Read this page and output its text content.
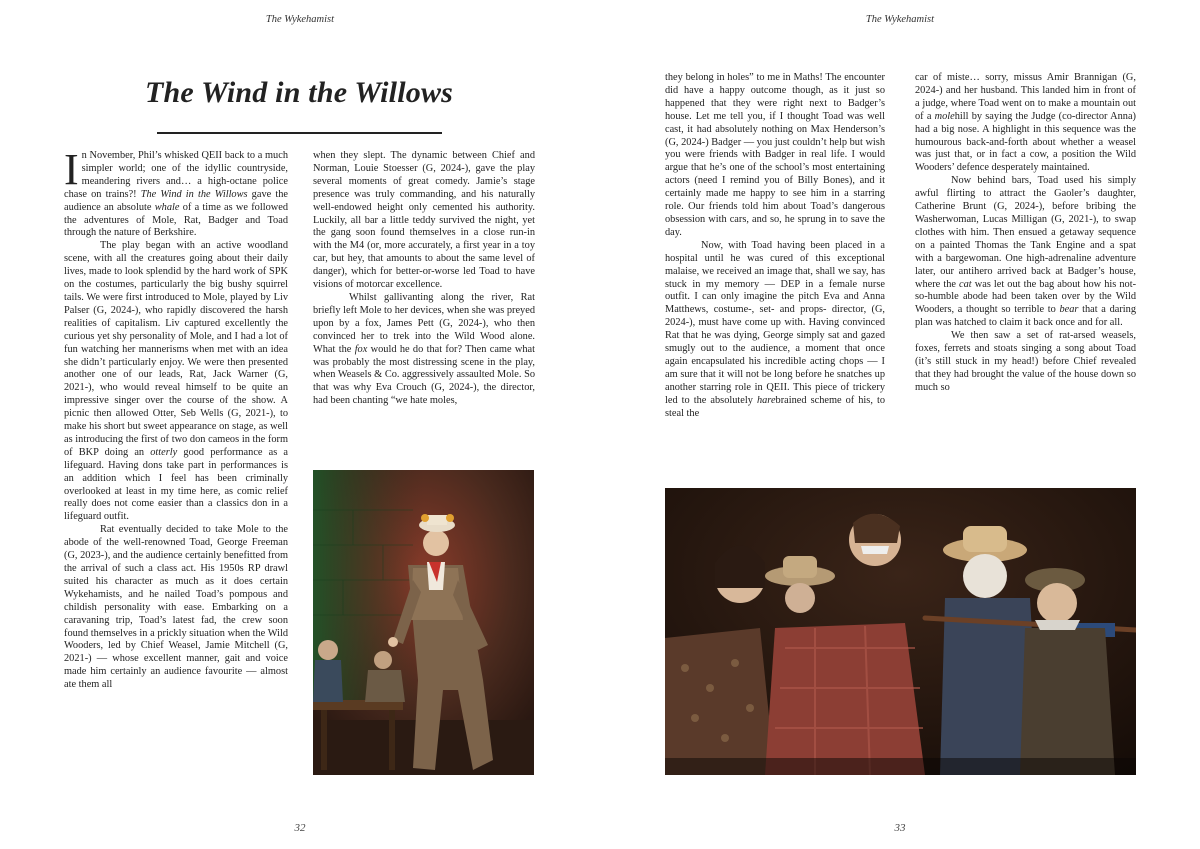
The Wykehamist
The Wind in the Willows

In November, Phil’s whisked QEII back to a much simpler world; one of the idyllic countryside, meandering rivers and… a high-octane police chase on trains?! The Wind in the Willows gave the audience an absolute whale of a time as we followed the adventures of Mole, Rat, Badger and Toad through the nature of Berkshire.

The play began with an active woodland scene, with all the creatures going about their daily lives, made to look splendid by the hard work of SPK on the costumes, particularly the big bushy squirrel tails. We were first introduced to Mole, played by Liv Palser (G, 2024-), who rapidly discovered the harsh realities of capitalism. Liv captured excellently the curious yet shy personality of Mole, and I had a lot of fun watching her mannerisms when met with an idea she didn’t particularly enjoy. We were then presented another one of our leads, Rat, Jack Warner (G, 2021-), who would reveal himself to be quite an impressive singer over the course of the show. A picnic then allowed Otter, Seb Wells (G, 2021-), to make his short but sweet appearance on stage, as well as introducing the first of two don cameos in the form of BKP doing an otterly good performance as a lifeguard. Having dons take part in performances is an addition which I feel has been criminally overlooked at least in my time here, as comic relief really does not come easier than a classics don in a lifeguard outfit.

Rat eventually decided to take Mole to the abode of the well-renowned Toad, George Freeman (G, 2023-), and the audience certainly benefitted from the arrival of such a class act. His 1950s RP drawl suited his character as much as it does certain Wykehamists, and he nailed Toad’s pompous and childish personality with ease. Embarking on a caravaning trip, Toad’s latest fad, the crew soon found themselves in a prickly situation when the Wild Wooders, led by Chief Weasel, Jamie Mitchell (G, 2021-) — whose excellent manner, gait and voice made him certainly an audience favourite — almost ate them all

when they slept. The dynamic between Chief and Norman, Louie Stoesser (G, 2024-), gave the play several moments of great comedy. Jamie’s stage presence was truly commanding, and his naturally well-endowed height only cemented his authority. Luckily, all bar a little teddy survived the night, yet the gang soon found themselves in a close run-in with the M4 (or, more accurately, a first year in a toy car, but hey, that amounts to about the same level of danger), which for better-or-worse led Toad to have visions of motorcar excellence.

Whilst gallivanting along the river, Rat briefly left Mole to her devices, when she was preyed upon by a fox, James Pett (G, 2024-), who then convinced her to trek into the Wild Wood alone. What the fox would he do that for? Then came what was probably the most distressing scene in the play, when Weasels & Co. aggressively assaulted Mole. So that was why Eva Crouch (G, 2024-), the director, had been chanting “we hate moles,

32
The Wykehamist

they belong in holes” to me in Maths! The encounter did have a happy outcome though, as it just so happened that they were right next to Badger’s house. Let me tell you, if I thought Toad was well cast, it had absolutely nothing on Max Henderson’s (G, 2024-) Badger — you just couldn’t help but wish you were friends with Badger in real life. I would argue that he’s one of the school’s most entertaining actors (need I remind you of Billy Bones), and it certainly made me happy to see him in a starring role. Our friends told him about Toad’s dangerous obsession with cars, and so, he sprung in to save the day.

Now, with Toad having been placed in a hospital until he was cured of this exceptional malaise, we received an image that, shall we say, has stuck in my memory — DEP in a female nurse outfit. I can only imagine the pitch Eva and Anna Matthews, costume-, set- and props- director, (G, 2024-), must have come up with. Having convinced Rat that he was dying, George simply sat and gazed smugly out to the audience, a moment that once again encapsulated his incredible acting chops — I am sure that it will not be long before he snatches up another starring role in QEII. This piece of trickery led to the absolutely harebrained scheme of his, to steal the

car of miste… sorry, missus Amir Brannigan (G, 2024-) and her husband. This landed him in front of a judge, where Toad went on to make a mountain out of a molehill by saying the Judge (co-director Anna) had a big nose. A highlight in this sequence was the humourous back-and-forth about whether a weasel was just that, or in fact a cow, a position the Wild Wooders’ defence desperately maintained.

Now behind bars, Toad used his simply awful flirting to attract the Gaoler’s daughter, Catherine Brunt (G, 2024-), before bribing the Washerwoman, Lucas Milligan (G, 2021-), to swap clothes with him. Then ensued a getaway sequence on a painted Thomas the Tank Engine and a spat with a bargewoman. One high-adrenaline adventure later, our antihero arrived back at Badger’s house, where the cat was let out the bag about how his not-so-humble abode had been taken over by the Wild Wooders, a thought so terrible to bear that a daring plan was hatched to claim it back once and for all.

We then saw a set of rat-arsed weasels, foxes, ferrets and stoats singing a song about Toad (it’s still stuck in my head!) before Chief revealed that they had brought the value of the house down so much so

33
